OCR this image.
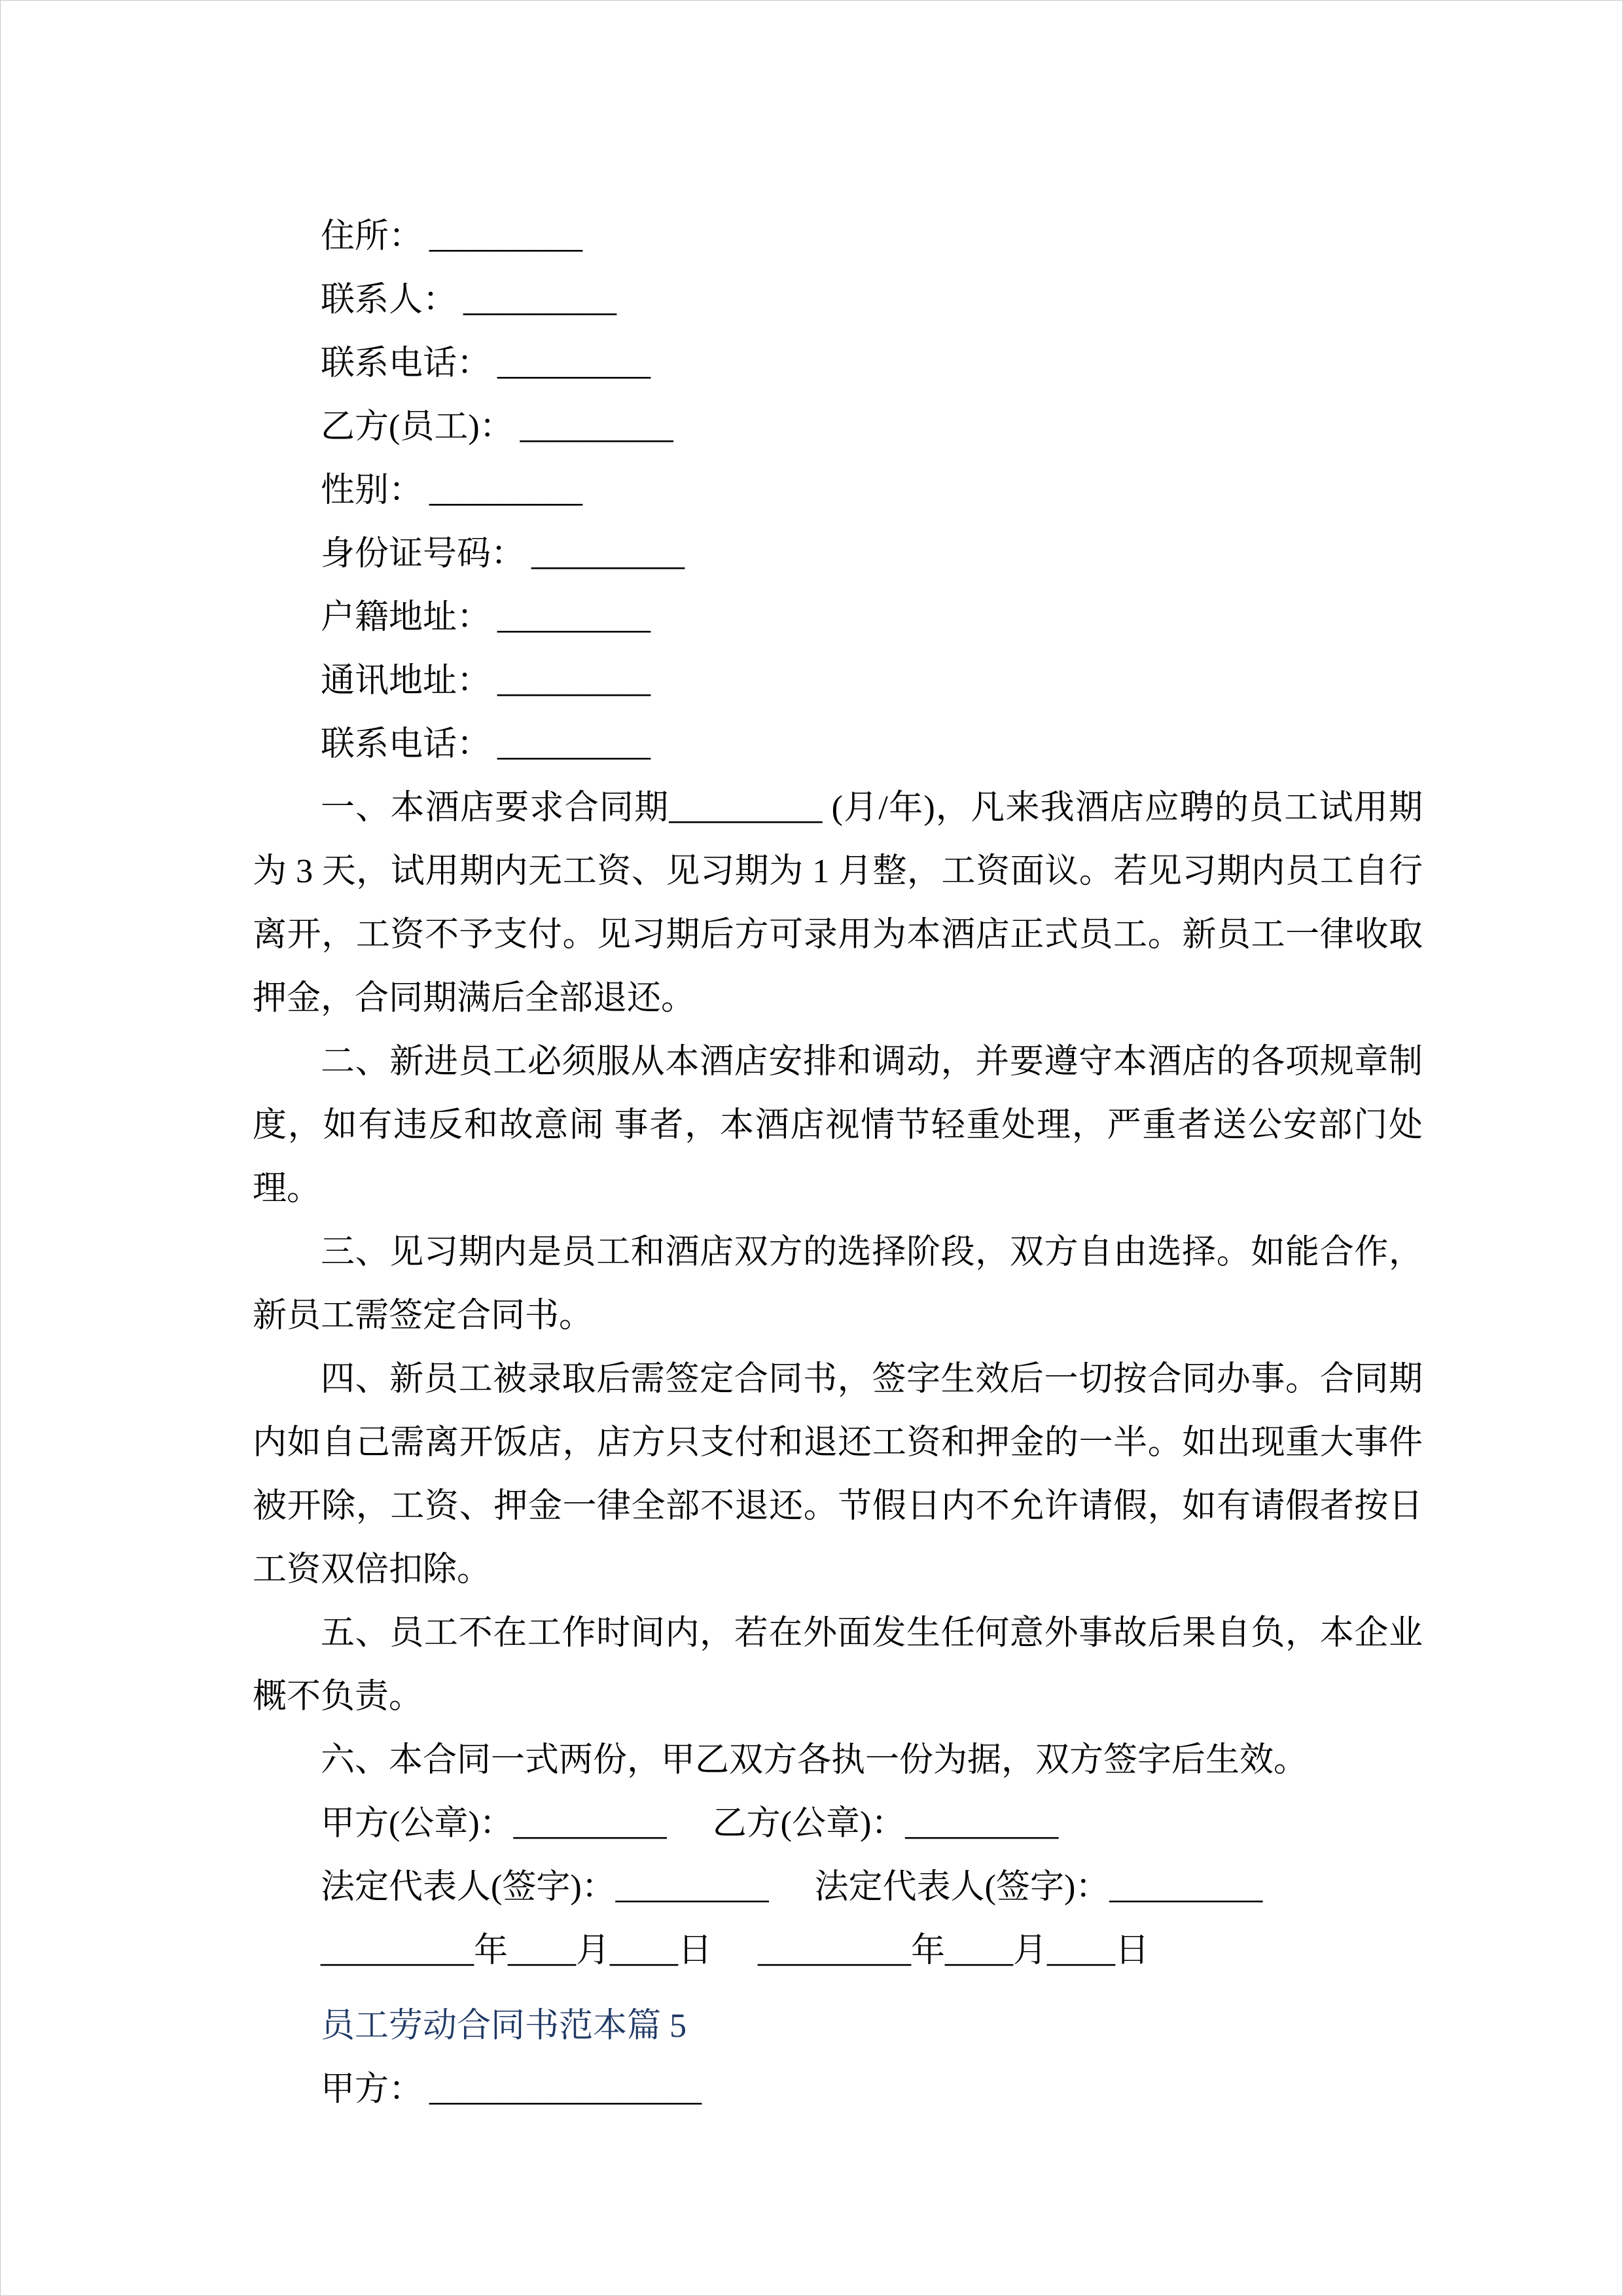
住所： _________

联系人： _________

联系电话： _________

乙方(员工)： _________

性别： _________

身份证号码： _________

户籍地址： _________

通讯地址： _________

联系电话： _________

一、本酒店要求合同期_________ (月/年)，凡来我酒店应聘的员工试用期为 3 天，试用期内无工资、见习期为 1 月整，工资面议。若见习期内员工自行离开，工资不予支付。见习期后方可录用为本酒店正式员工。新员工一律收取押金，合同期满后全部退还。

二、新进员工必须服从本酒店安排和调动，并要遵守本酒店的各项规章制度，如有违反和故意闹 事者，本酒店视情节轻重处理，严重者送公安部门处理。

三、见习期内是员工和酒店双方的选择阶段，双方自由选择。如能合作，新员工需签定合同书。

四、新员工被录取后需签定合同书，签字生效后一切按合同办事。合同期内如自己需离开饭店，店方只支付和退还工资和押金的一半。如出现重大事件被开除，工资、押金一律全部不退还。节假日内不允许请假，如有请假者按日工资双倍扣除。

五、员工不在工作时间内，若在外面发生任何意外事故后果自负，本企业概不负责。

六、本合同一式两份，甲乙双方各执一份为据，双方签字后生效。

甲方(公章)：_________ 乙方(公章)：_________

法定代表人(签字)：_________ 法定代表人(签字)：_________

_________年____月____日 _________年____月____日

员工劳动合同书范本篇 5

甲方： ________________
